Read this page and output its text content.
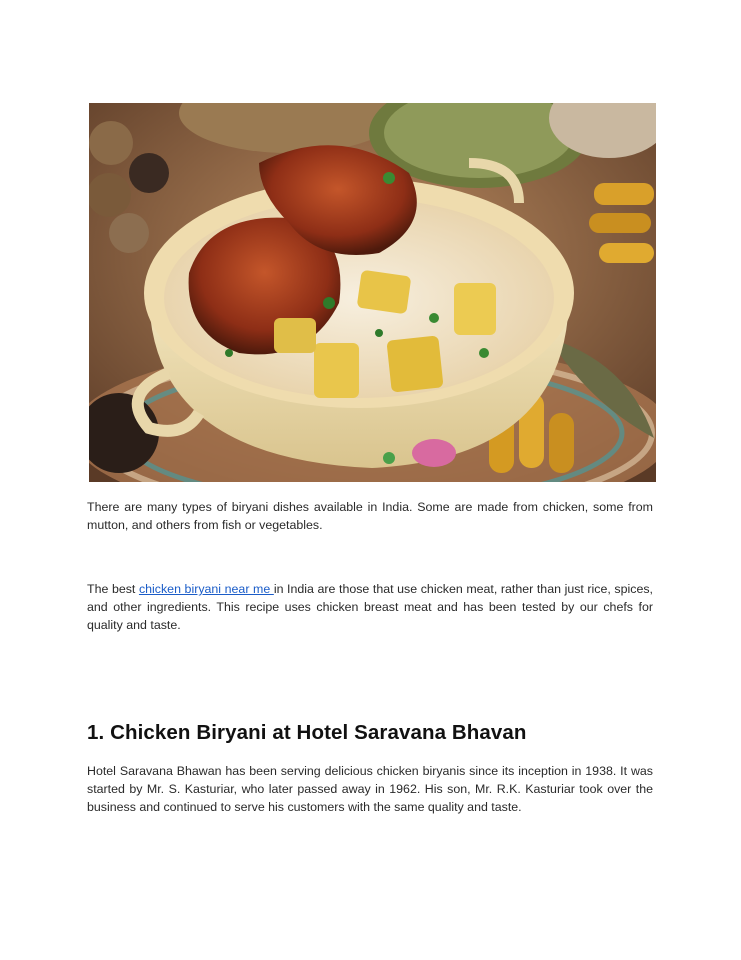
There are many types of biryani dishes available in India. Some are made from chicken, some from mutton, and others from fish or vegetables.

The best chicken biryani near me in India are those that use chicken meat, rather than just rice, spices, and other ingredients. This recipe uses chicken breast meat and has been tested by our chefs for quality and taste.

1. Chicken Biryani at Hotel Saravana Bhavan

Hotel Saravana Bhawan has been serving delicious chicken biryanis since its inception in 1938. It was started by Mr. S. Kasturiar, who later passed away in 1962. His son, Mr. R.K. Kasturiar took over the business and continued to serve his customers with the same quality and taste.
